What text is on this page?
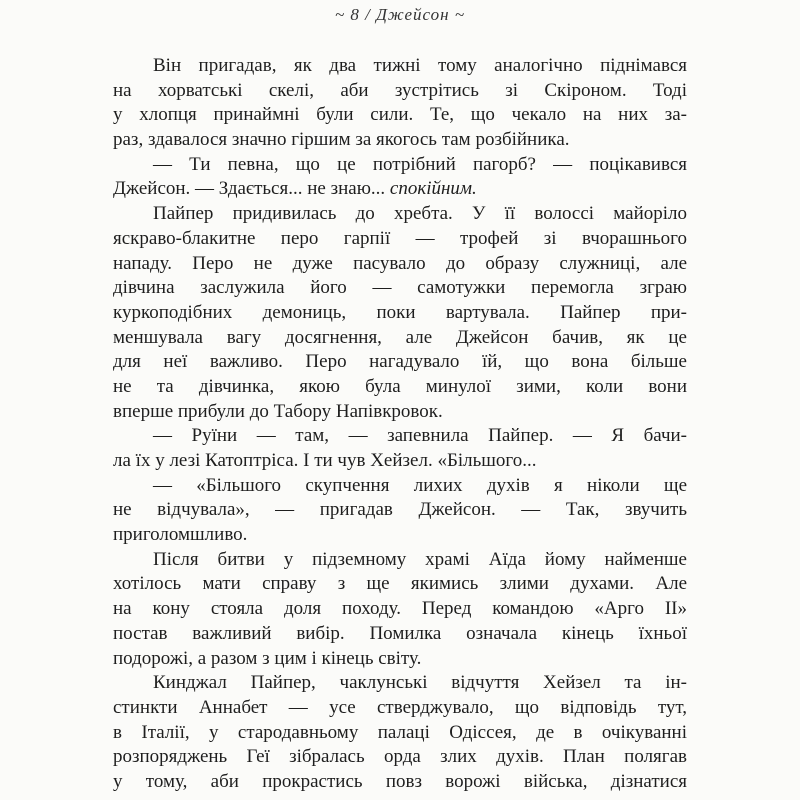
~ 8 / Джейсон ~
Він пригадав, як два тижні тому аналогічно піднімався
на хорватські скелі, аби зустрітись зі Скіроном. Тоді
у хлопця принаймні були сили. Те, що чекало на них за-
раз, здавалося значно гіршим за якогось там розбійника.
— Ти певна, що це потрібний пагорб? — поцікавився
Джейсон. — Здається... не знаю... спокійним.
Пайпер придивилась до хребта. У її волоссі майоріло
яскраво-блакитне перо гарпії — трофей зі вчорашнього
нападу. Перо не дуже пасувало до образу служниці, але
дівчина заслужила його — самотужки перемогла зграю
куркоподібних демониць, поки вартувала. Пайпер при-
меншувала вагу досягнення, але Джейсон бачив, як це
для неї важливо. Перо нагадувало їй, що вона більше
не та дівчинка, якою була минулої зими, коли вони
вперше прибули до Табору Напівкровок.
— Руїни — там, — запевнила Пайпер. — Я бачи-
ла їх у лезі Катоптріса. І ти чув Хейзел. «Більшого...
— «Більшого скупчення лихих духів я ніколи ще
не відчувала», — пригадав Джейсон. — Так, звучить
приголомшливо.
Після битви у підземному храмі Аїда йому найменше
хотілось мати справу з ще якимись злими духами. Але
на кону стояла доля походу. Перед командою «Арго II»
постав важливий вибір. Помилка означала кінець їхньої
подорожі, а разом з цим і кінець світу.
Кинджал Пайпер, чаклунські відчуття Хейзел та ін-
стинкти Аннабет — усе стверджувало, що відповідь тут,
в Італії, у стародавньому палаці Одіссея, де в очікуванні
розпоряджень Геї зібралась орда злих духів. План полягав
у тому, аби прокрастись повз ворожі війська, дізнатися
